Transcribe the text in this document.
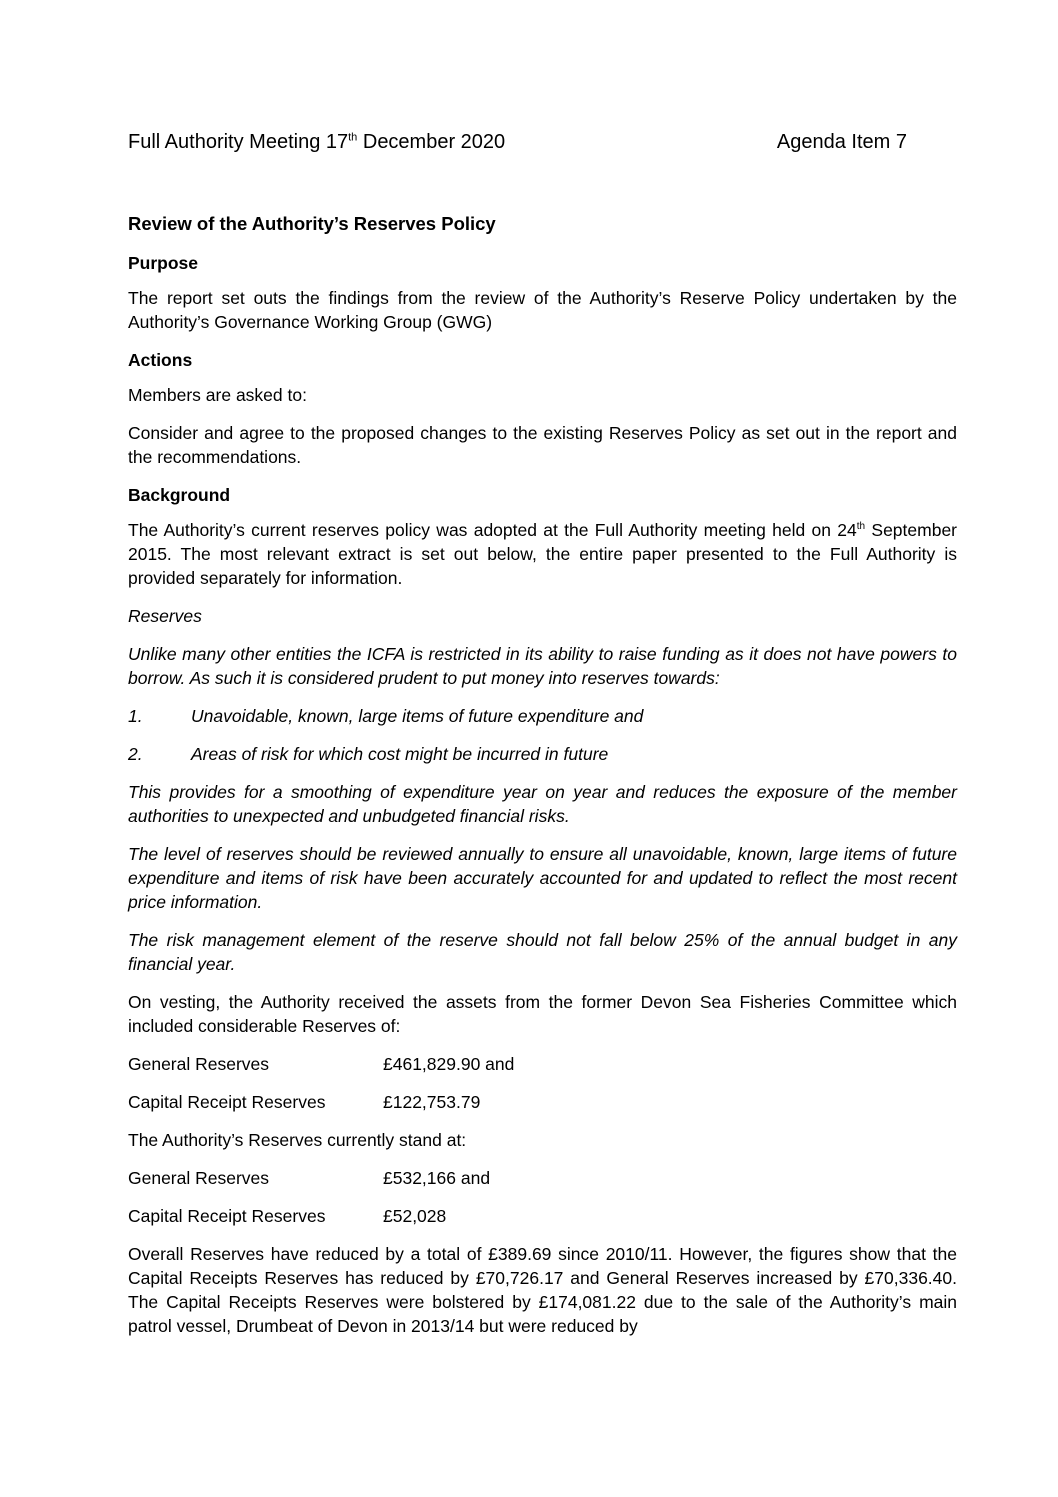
Full Authority Meeting 17th December 2020	Agenda Item 7
Review of the Authority’s Reserves Policy
Purpose

The report set outs the findings from the review of the Authority’s Reserve Policy undertaken by the Authority’s Governance Working Group (GWG)

Actions

Members are asked to:

Consider and agree to the proposed changes to the existing Reserves Policy as set out in the report and the recommendations.

Background

The Authority’s current reserves policy was adopted at the Full Authority meeting held on 24th September 2015. The most relevant extract is set out below, the entire paper presented to the Full Authority is provided separately for information.

Reserves

Unlike many other entities the ICFA is restricted in its ability to raise funding as it does not have powers to borrow. As such it is considered prudent to put money into reserves towards:

1.	Unavoidable, known, large items of future expenditure and
2.	Areas of risk for which cost might be incurred in future

This provides for a smoothing of expenditure year on year and reduces the exposure of the member authorities to unexpected and unbudgeted financial risks.

The level of reserves should be reviewed annually to ensure all unavoidable, known, large items of future expenditure and items of risk have been accurately accounted for and updated to reflect the most recent price information.

The risk management element of the reserve should not fall below 25% of the annual budget in any financial year.

On vesting, the Authority received the assets from the former Devon Sea Fisheries Committee which included considerable Reserves of:

General Reserves	£461,829.90 and
Capital Receipt Reserves	£122,753.79

The Authority’s Reserves currently stand at:

General Reserves	£532,166 and
Capital Receipt Reserves	£52,028

Overall Reserves have reduced by a total of £389.69 since 2010/11. However, the figures show that the Capital Receipts Reserves has reduced by £70,726.17 and General Reserves increased by £70,336.40. The Capital Receipts Reserves were bolstered by £174,081.22 due to the sale of the Authority’s main patrol vessel, Drumbeat of Devon in 2013/14 but were reduced by
